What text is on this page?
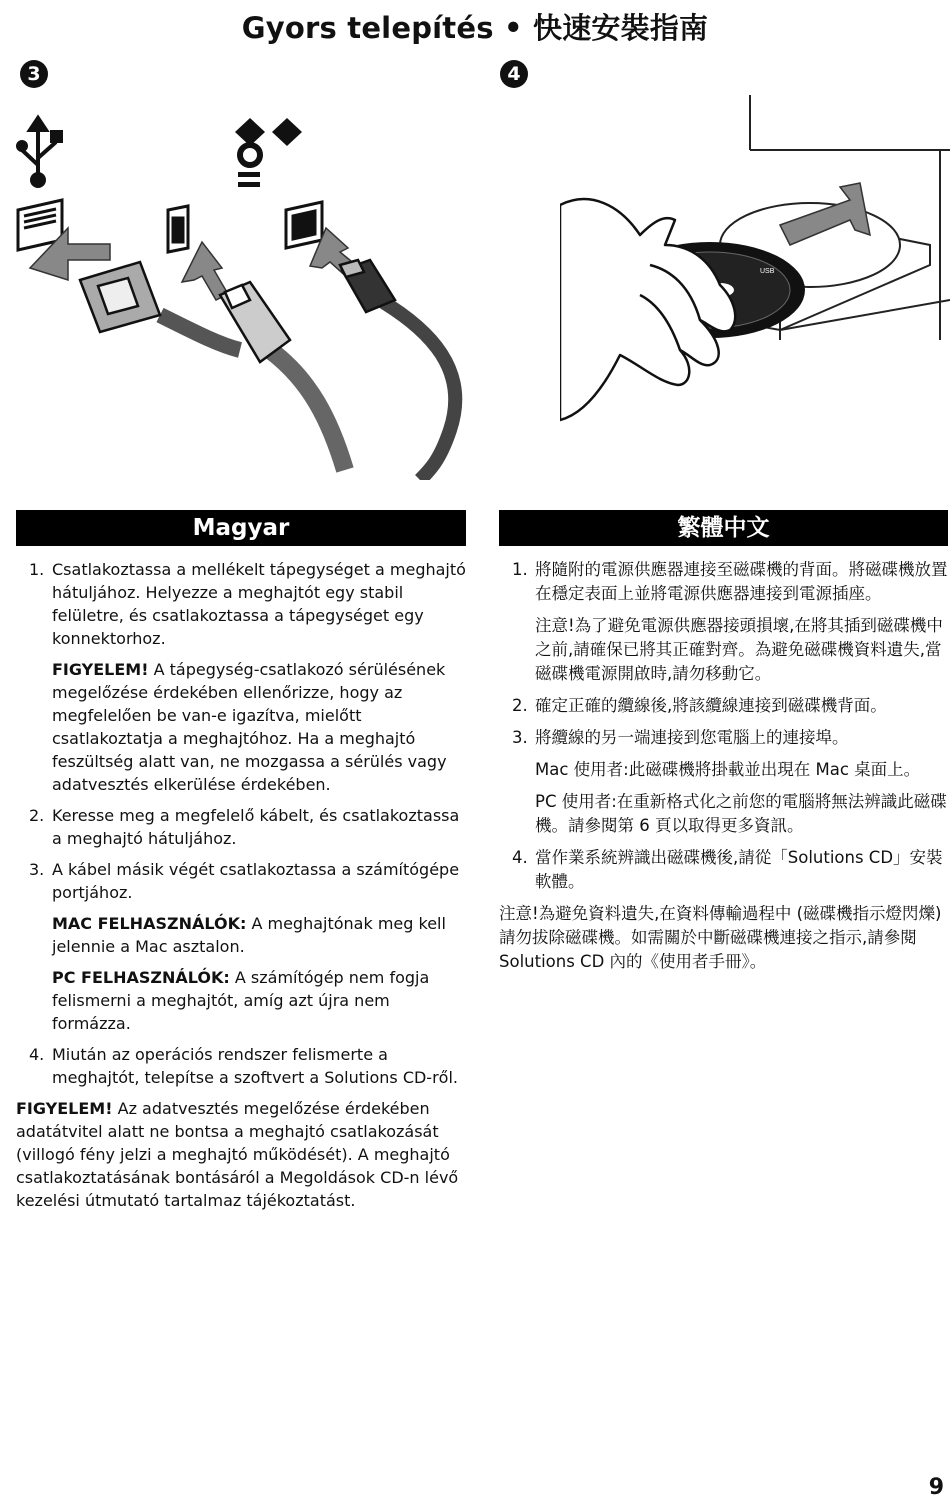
Gyors telepítés • 快速安裝指南
3	4
USB
Magyar
1. Csatlakoztassa a mellékelt tápegységet a meghajtó hátuljához. Helyezze a meghajtót egy stabil felületre, és csatlakoztassa a tápegységet egy konnektorhoz.
FIGYELEM! A tápegység-csatlakozó sérülésének megelőzése érdekében ellenőrizze, hogy az megfelelően be van-e igazítva, mielőtt csatlakoztatja a meghajtóhoz. Ha a meghajtó feszültség alatt van, ne mozgassa a sérülés vagy adatvesztés elkerülése érdekében.
2. Keresse meg a megfelelő kábelt, és csatlakoztassa a meghajtó hátuljához.
3. A kábel másik végét csatlakoztassa a számítógépe portjához.
MAC FELHASZNÁLÓK: A meghajtónak meg kell jelennie a Mac asztalon.
PC FELHASZNÁLÓK: A számítógép nem fogja felismerni a meghajtót, amíg azt újra nem formázza.
4. Miután az operációs rendszer felismerte a meghajtót, telepítse a szoftvert a Solutions CD-ről.
FIGYELEM! Az adatvesztés megelőzése érdekében adatátvitel alatt ne bontsa a meghajtó csatlakozását (villogó fény jelzi a meghajtó működését). A meghajtó csatlakoztatásának bontásáról a Megoldások CD-n lévő kezelési útmutató tartalmaz tájékoztatást.
繁體中文
1. 將隨附的電源供應器連接至磁碟機的背面。將磁碟機放置在穩定表面上並將電源供應器連接到電源插座。
注意!為了避免電源供應器接頭損壞,在將其插到磁碟機中之前,請確保已將其正確對齊。為避免磁碟機資料遺失,當磁碟機電源開啟時,請勿移動它。
2. 確定正確的纜線後,將該纜線連接到磁碟機背面。
3. 將纜線的另一端連接到您電腦上的連接埠。
Mac 使用者:此磁碟機將掛載並出現在 Mac 桌面上。
PC 使用者:在重新格式化之前您的電腦將無法辨識此磁碟機。請參閱第 6 頁以取得更多資訊。
4. 當作業系統辨識出磁碟機後,請從「Solutions CD」安裝軟體。
注意!為避免資料遺失,在資料傳輸過程中 (磁碟機指示燈閃爍) 請勿拔除磁碟機。如需關於中斷磁碟機連接之指示,請參閱 Solutions CD 內的《使用者手冊》。
9
